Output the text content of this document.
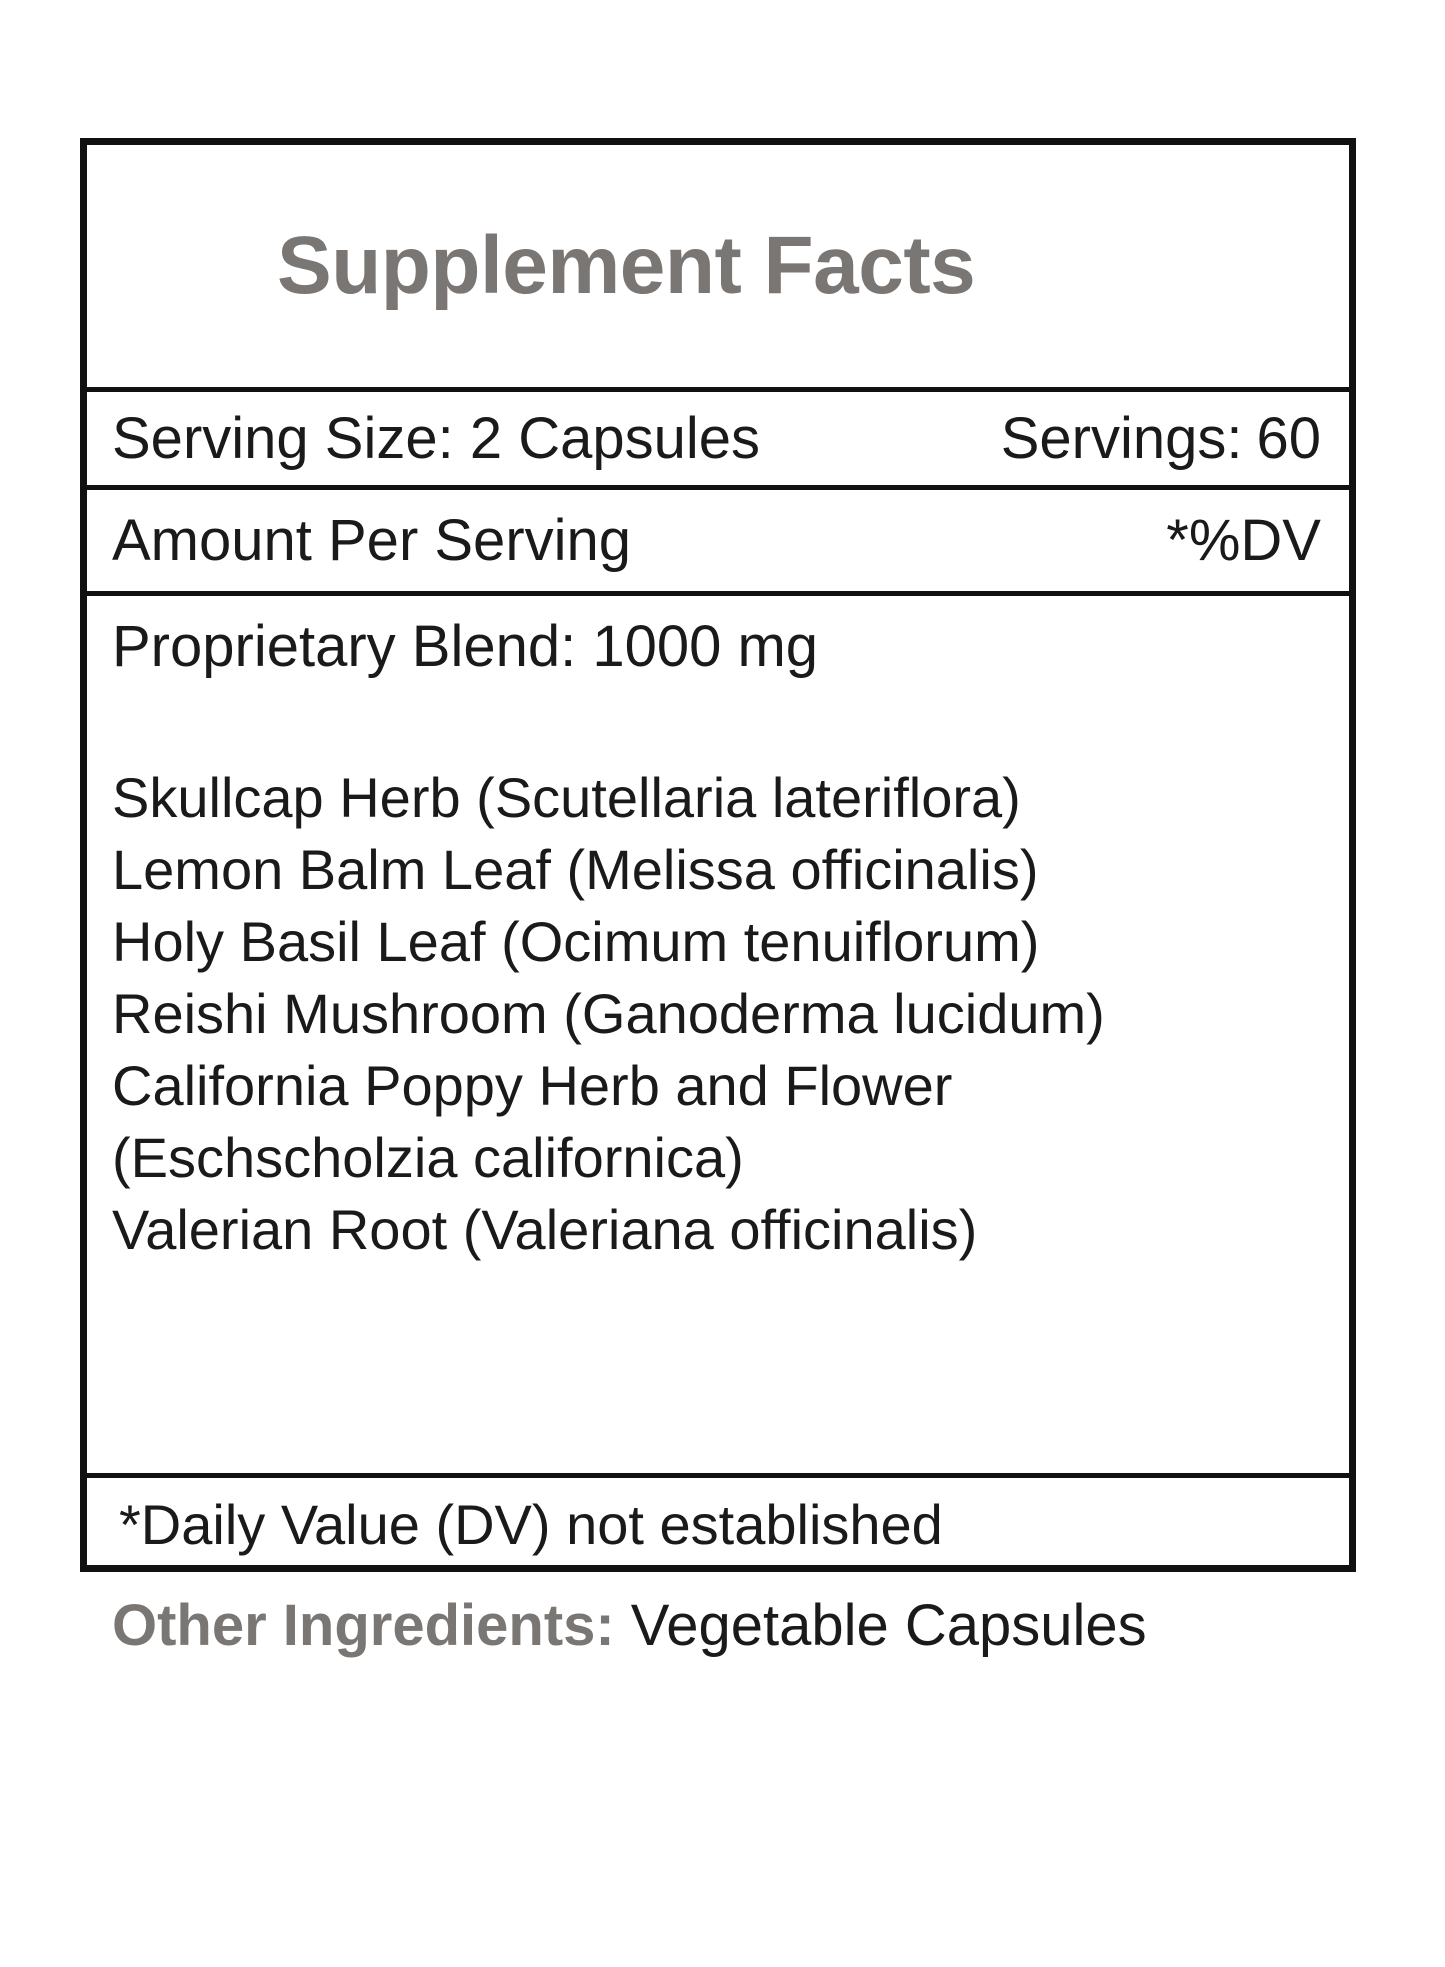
Supplement Facts
Serving Size: 2 Capsules	Servings: 60
Amount Per Serving	*%DV
Proprietary Blend: 1000 mg
Skullcap Herb (Scutellaria lateriflora)
Lemon Balm Leaf (Melissa officinalis)
Holy Basil Leaf (Ocimum tenuiflorum)
Reishi Mushroom (Ganoderma lucidum)
California Poppy Herb and Flower
(Eschscholzia californica)
Valerian Root (Valeriana officinalis)
*Daily Value (DV) not established
Other Ingredients: Vegetable Capsules
